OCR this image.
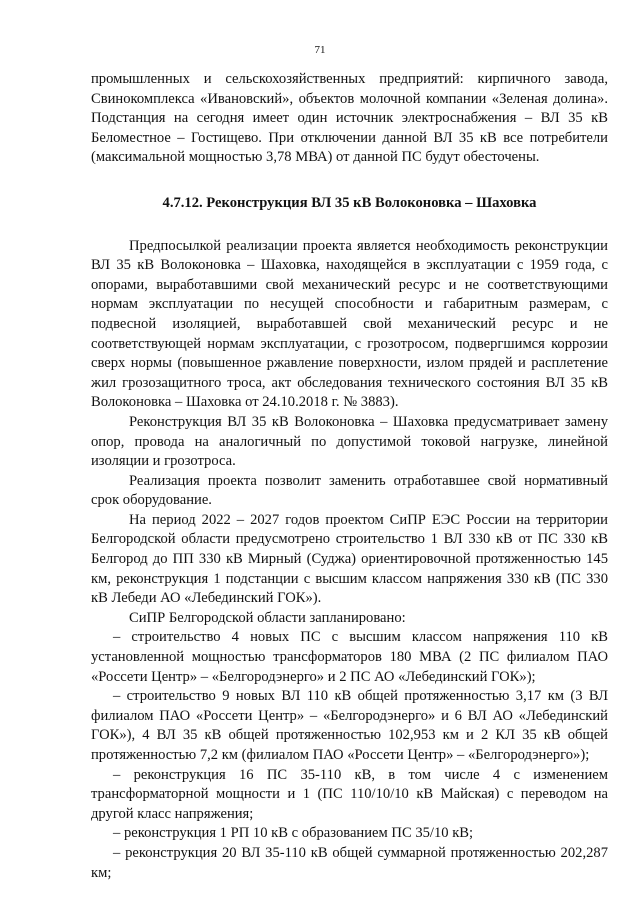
71

промышленных и сельскохозяйственных предприятий: кирпичного завода, Свинокомплекса «Ивановский», объектов молочной компании «Зеленая долина». Подстанция на сегодня имеет один источник электроснабжения – ВЛ 35 кВ Беломестное – Гостищево. При отключении данной ВЛ 35 кВ все потребители (максимальной мощностью 3,78 МВА) от данной ПС будут обесточены.

4.7.12. Реконструкция ВЛ 35 кВ Волоконовка – Шаховка

Предпосылкой реализации проекта является необходимость реконструкции ВЛ 35 кВ Волоконовка – Шаховка, находящейся в эксплуатации с 1959 года, с опорами, выработавшими свой механический ресурс и не соответствующими нормам эксплуатации по несущей способности и габаритным размерам, с подвесной изоляцией, выработавшей свой механический ресурс и не соответствующей нормам эксплуатации, с грозотросом, подвергшимся коррозии сверх нормы (повышенное ржавление поверхности, излом прядей и расплетение жил грозозащитного троса, акт обследования технического состояния ВЛ 35 кВ Волоконовка – Шаховка от 24.10.2018 г. № 3883).

Реконструкция ВЛ 35 кВ Волоконовка – Шаховка предусматривает замену опор, провода на аналогичный по допустимой токовой нагрузке, линейной изоляции и грозотроса.

Реализация проекта позволит заменить отработавшее свой нормативный срок оборудование.

На период 2022 – 2027 годов проектом СиПР ЕЭС России на территории Белгородской области предусмотрено строительство 1 ВЛ 330 кВ от ПС 330 кВ Белгород до ПП 330 кВ Мирный (Суджа) ориентировочной протяженностью 145 км, реконструкция 1 подстанции с высшим классом напряжения 330 кВ (ПС 330 кВ Лебеди АО «Лебединский ГОК»).

СиПР Белгородской области запланировано:

– строительство 4 новых ПС с высшим классом напряжения 110 кВ установленной мощностью трансформаторов 180 МВА (2 ПС филиалом ПАО «Россети Центр» – «Белгородэнерго» и 2 ПС АО «Лебединский ГОК»);

– строительство 9 новых ВЛ 110 кВ общей протяженностью 3,17 км (3 ВЛ филиалом ПАО «Россети Центр» – «Белгородэнерго» и 6 ВЛ АО «Лебединский ГОК»), 4 ВЛ 35 кВ общей протяженностью 102,953 км и 2 КЛ 35 кВ общей протяженностью 7,2 км (филиалом ПАО «Россети Центр» – «Белгородэнерго»);

– реконструкция 16 ПС 35-110 кВ, в том числе 4 с изменением трансформаторной мощности и 1 (ПС 110/10/10 кВ Майская) с переводом на другой класс напряжения;

– реконструкция 1 РП 10 кВ с образованием ПС 35/10 кВ;

– реконструкция 20 ВЛ 35-110 кВ общей суммарной протяженностью 202,287 км;
